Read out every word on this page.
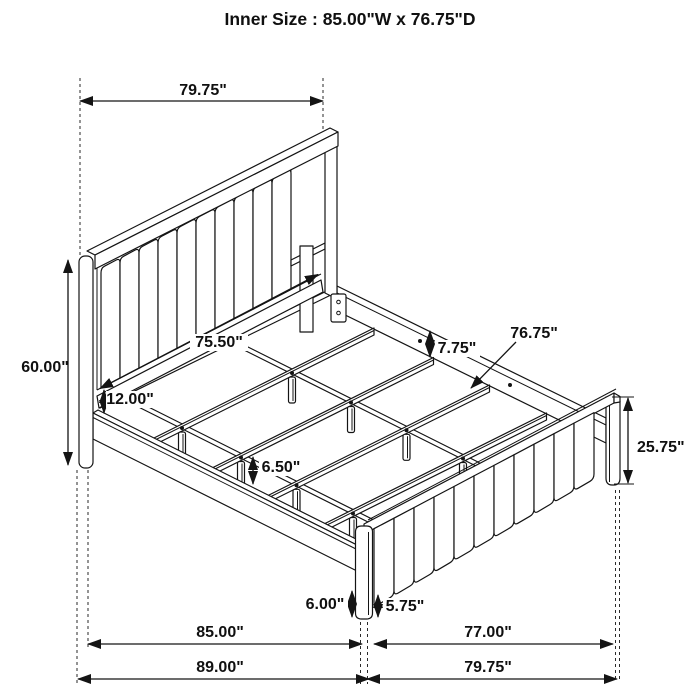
Inner Size : 85.00"W x 76.75"D
79.75"
60.00"
12.00"
75.50"	7.75"
76.75"
25.75"
6.50"
6.00"	5.75"
85.00"
89.00"
77.00"
79.75"
